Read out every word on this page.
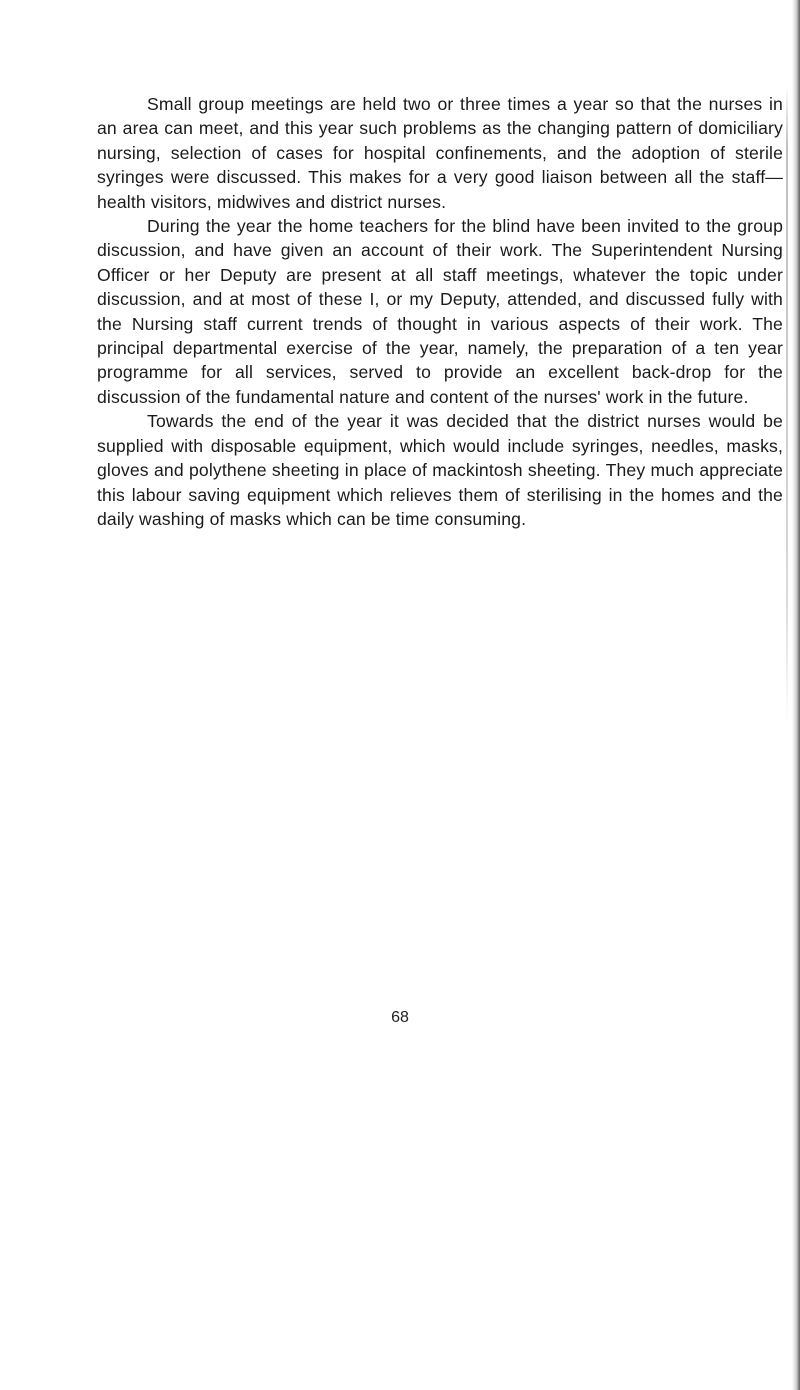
Small group meetings are held two or three times a year so that the nurses in an area can meet, and this year such problems as the changing pattern of domiciliary nursing, selection of cases for hospital confinements, and the adoption of sterile syringes were discussed. This makes for a very good liaison between all the staff—health visitors, midwives and district nurses.

During the year the home teachers for the blind have been invited to the group discussion, and have given an account of their work. The Superintendent Nursing Officer or her Deputy are present at all staff meetings, whatever the topic under discussion, and at most of these I, or my Deputy, attended, and discussed fully with the Nursing staff current trends of thought in various aspects of their work. The principal departmental exercise of the year, namely, the preparation of a ten year programme for all services, served to provide an excellent back-drop for the discussion of the fundamental nature and content of the nurses' work in the future.

Towards the end of the year it was decided that the district nurses would be supplied with disposable equipment, which would include syringes, needles, masks, gloves and polythene sheeting in place of mackintosh sheeting. They much appreciate this labour saving equipment which relieves them of sterilising in the homes and the daily washing of masks which can be time consuming.

68
